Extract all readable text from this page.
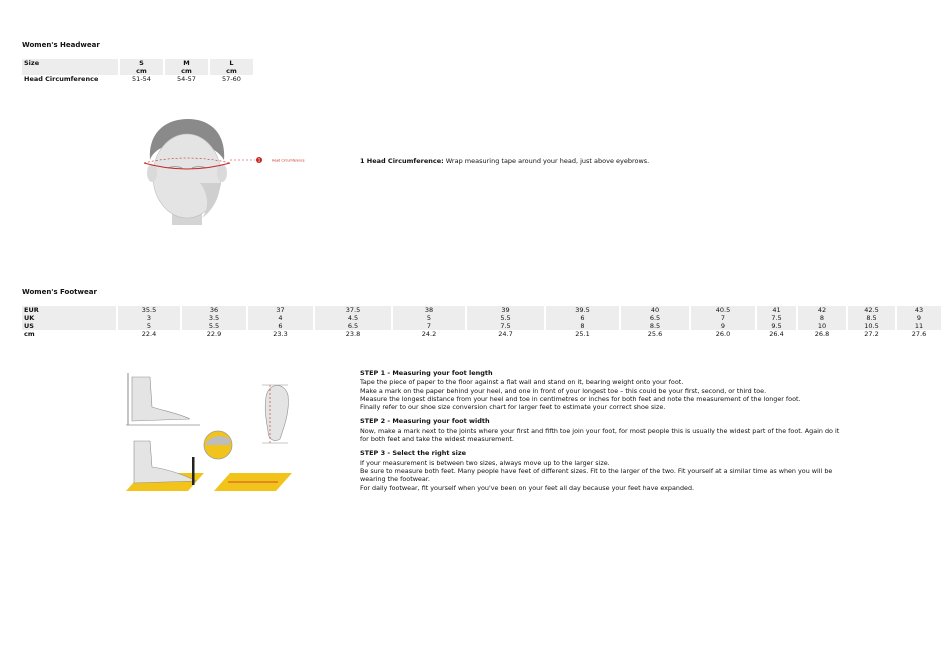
Women's Headwear
Size	S	M	L
	cm	cm	cm
Head Circumference	51-54	54-57	57-60
1	Head Circumference	1 Head Circumference: Wrap measuring tape around your head, just above eyebrows.
Women's Footwear
EUR	35.5	36	37	37.5	38	39	39.5	40	40.5	41	42	42.5	43
UK	3	3.5	4	4.5	5	5.5	6	6.5	7	7.5	8	8.5	9
US	5	5.5	6	6.5	7	7.5	8	8.5	9	9.5	10	10.5	11
cm	22.4	22.9	23.3	23.8	24.2	24.7	25.1	25.6	26.0	26.4	26.8	27.2	27.6
STEP 1 - Measuring your foot length

Tape the piece of paper to the floor against a flat wall and stand on it, bearing weight onto your foot.

Make a mark on the paper behind your heel, and one in front of your longest toe – this could be your first, second, or third toe.

Measure the longest distance from your heel and toe in centimetres or inches for both feet and note the measurement of the longer foot.

Finally refer to our shoe size conversion chart for larger feet to estimate your correct shoe size.

STEP 2 - Measuring your foot width

Now, make a mark next to the joints where your first and fifth toe join your foot, for most people this is usually the widest part of the foot. Again do it for both feet and take the widest measurement.

STEP 3 - Select the right size

If your measurement is between two sizes, always move up to the larger size.

Be sure to measure both feet. Many people have feet of different sizes. Fit to the larger of the two. Fit yourself at a similar time as when you will be wearing the footwear.

For daily footwear, fit yourself when you've been on your feet all day because your feet have expanded.
